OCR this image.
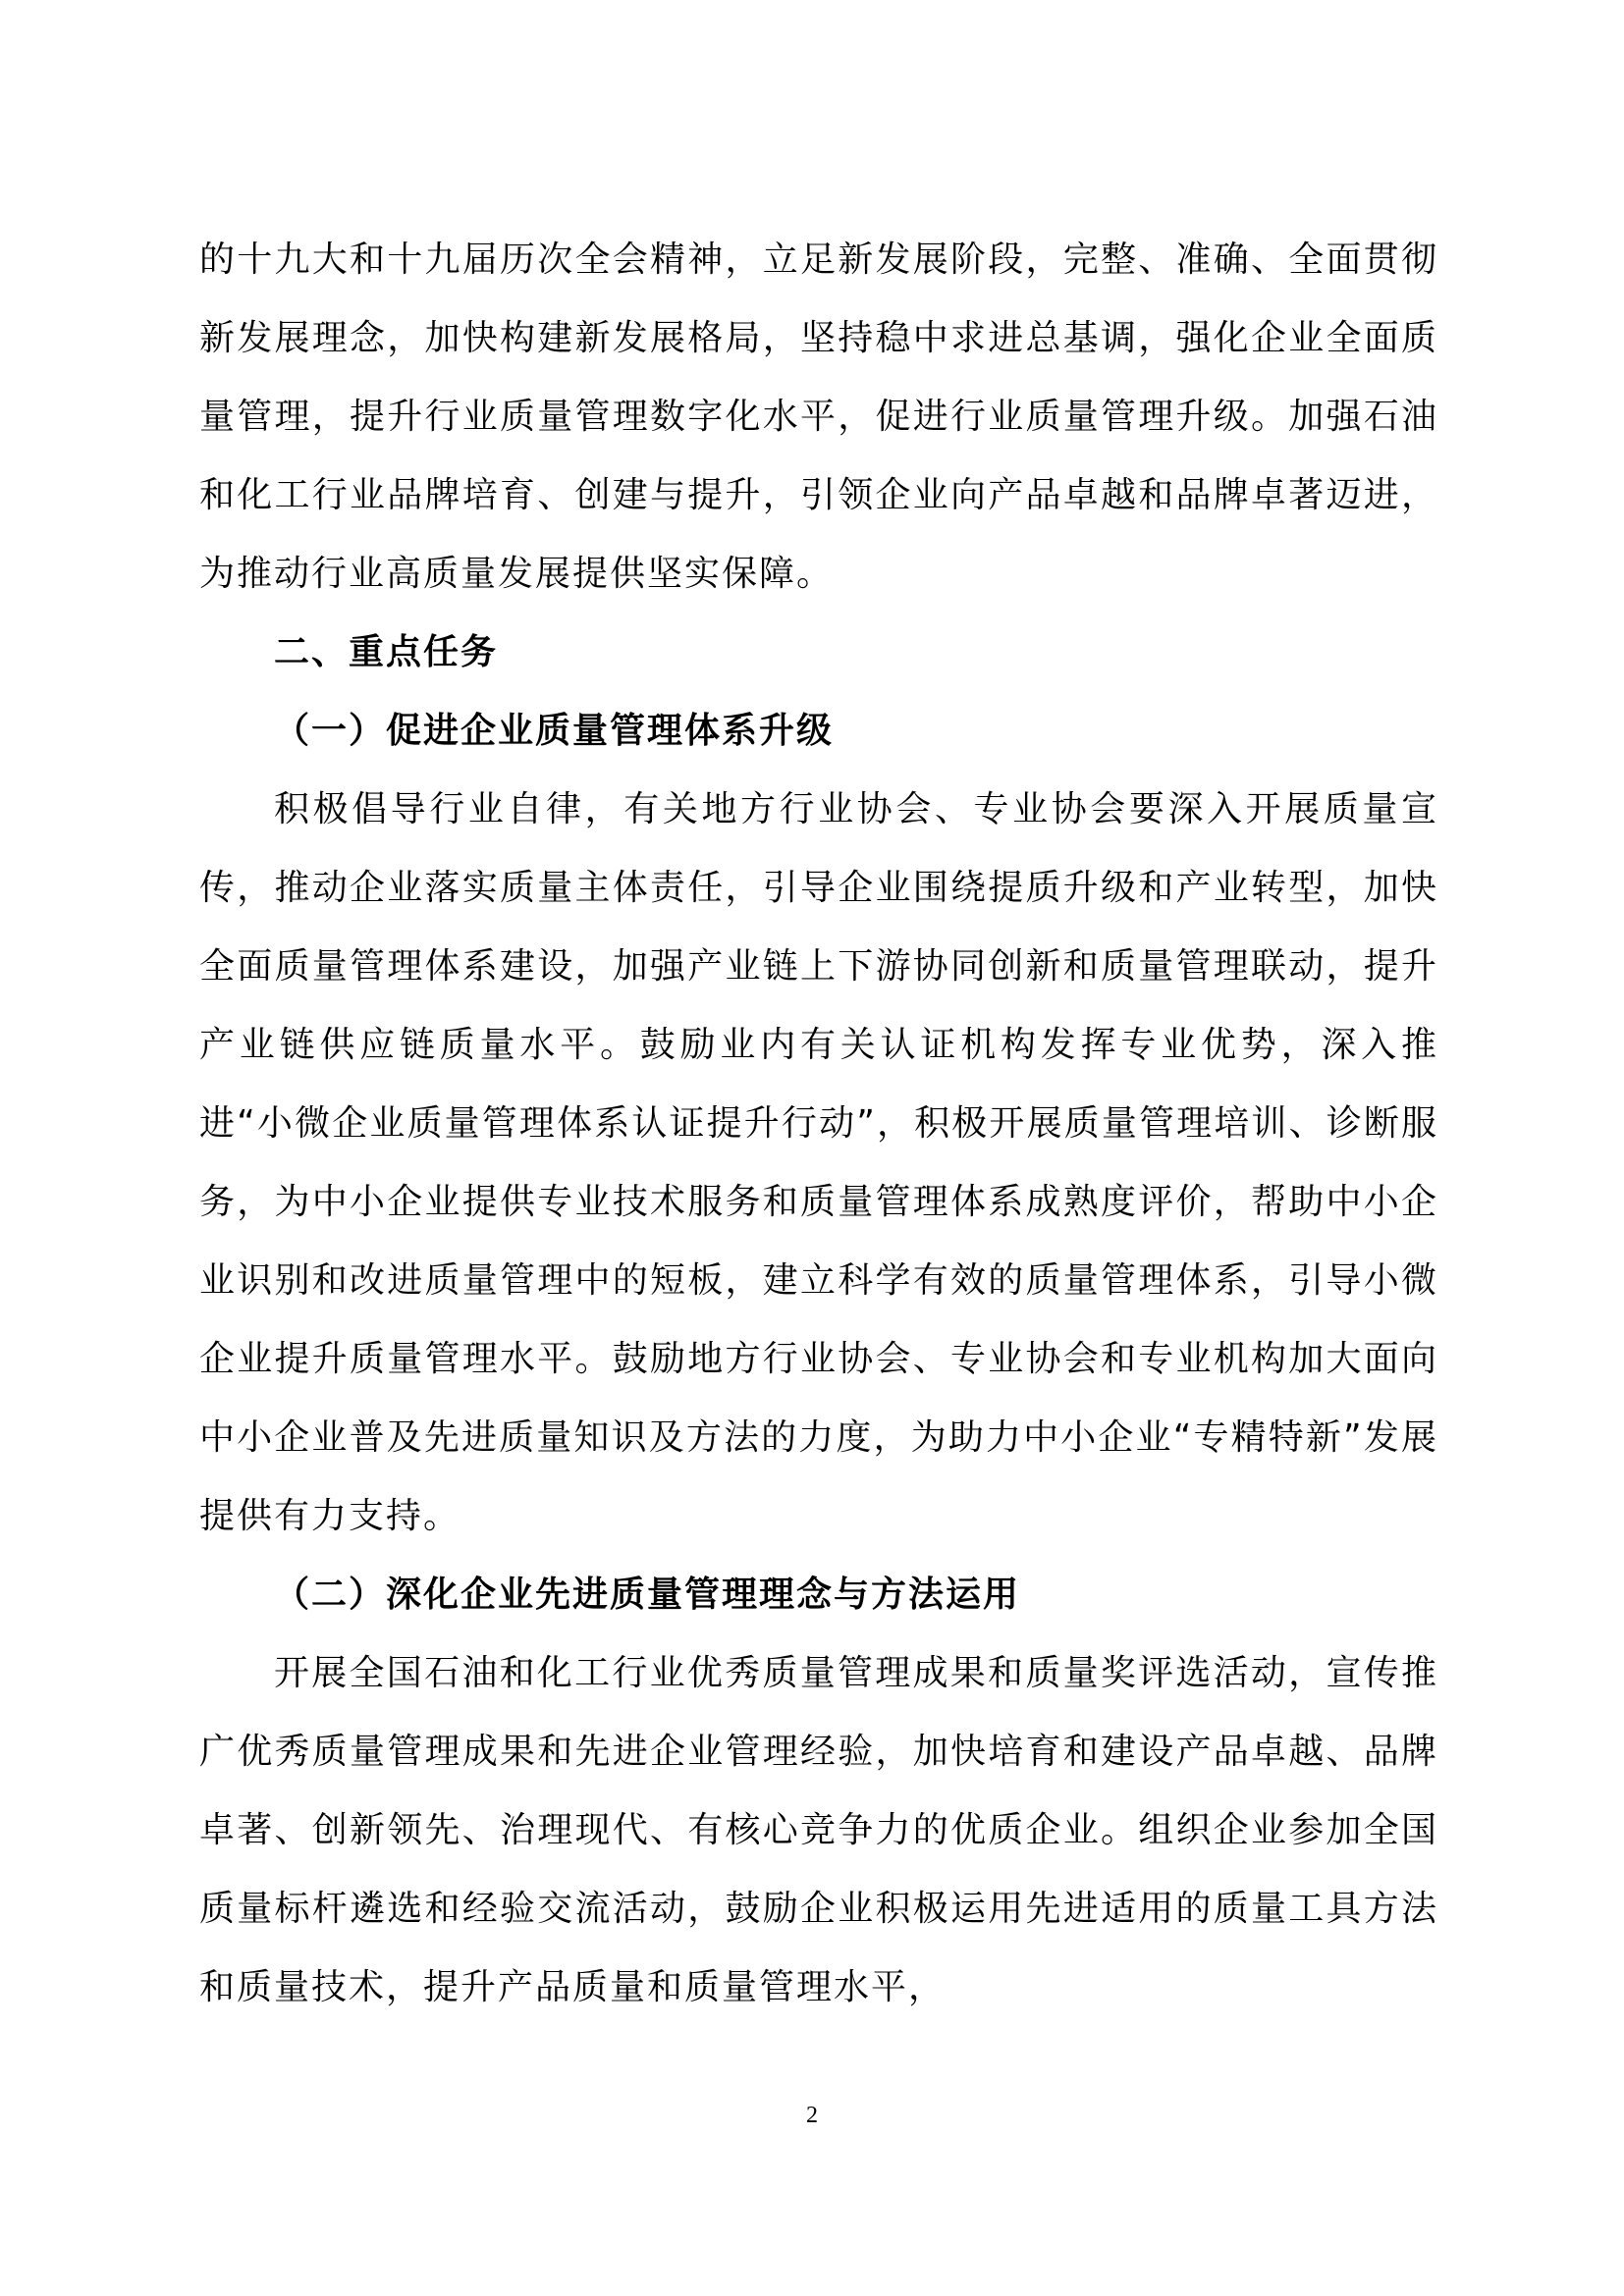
的十九大和十九届历次全会精神，立足新发展阶段，完整、准确、全面贯彻新发展理念，加快构建新发展格局，坚持稳中求进总基调，强化企业全面质量管理，提升行业质量管理数字化水平，促进行业质量管理升级。加强石油和化工行业品牌培育、创建与提升，引领企业向产品卓越和品牌卓著迈进，为推动行业高质量发展提供坚实保障。

二、重点任务

（一）促进企业质量管理体系升级

积极倡导行业自律，有关地方行业协会、专业协会要深入开展质量宣传，推动企业落实质量主体责任，引导企业围绕提质升级和产业转型，加快全面质量管理体系建设，加强产业链上下游协同创新和质量管理联动，提升产业链供应链质量水平。鼓励业内有关认证机构发挥专业优势，深入推进“小微企业质量管理体系认证提升行动”，积极开展质量管理培训、诊断服务，为中小企业提供专业技术服务和质量管理体系成熟度评价，帮助中小企业识别和改进质量管理中的短板，建立科学有效的质量管理体系，引导小微企业提升质量管理水平。鼓励地方行业协会、专业协会和专业机构加大面向中小企业普及先进质量知识及方法的力度，为助力中小企业“专精特新”发展提供有力支持。

（二）深化企业先进质量管理理念与方法运用

开展全国石油和化工行业优秀质量管理成果和质量奖评选活动，宣传推广优秀质量管理成果和先进企业管理经验，加快培育和建设产品卓越、品牌卓著、创新领先、治理现代、有核心竞争力的优质企业。组织企业参加全国质量标杆遴选和经验交流活动，鼓励企业积极运用先进适用的质量工具方法和质量技术，提升产品质量和质量管理水平，

2
